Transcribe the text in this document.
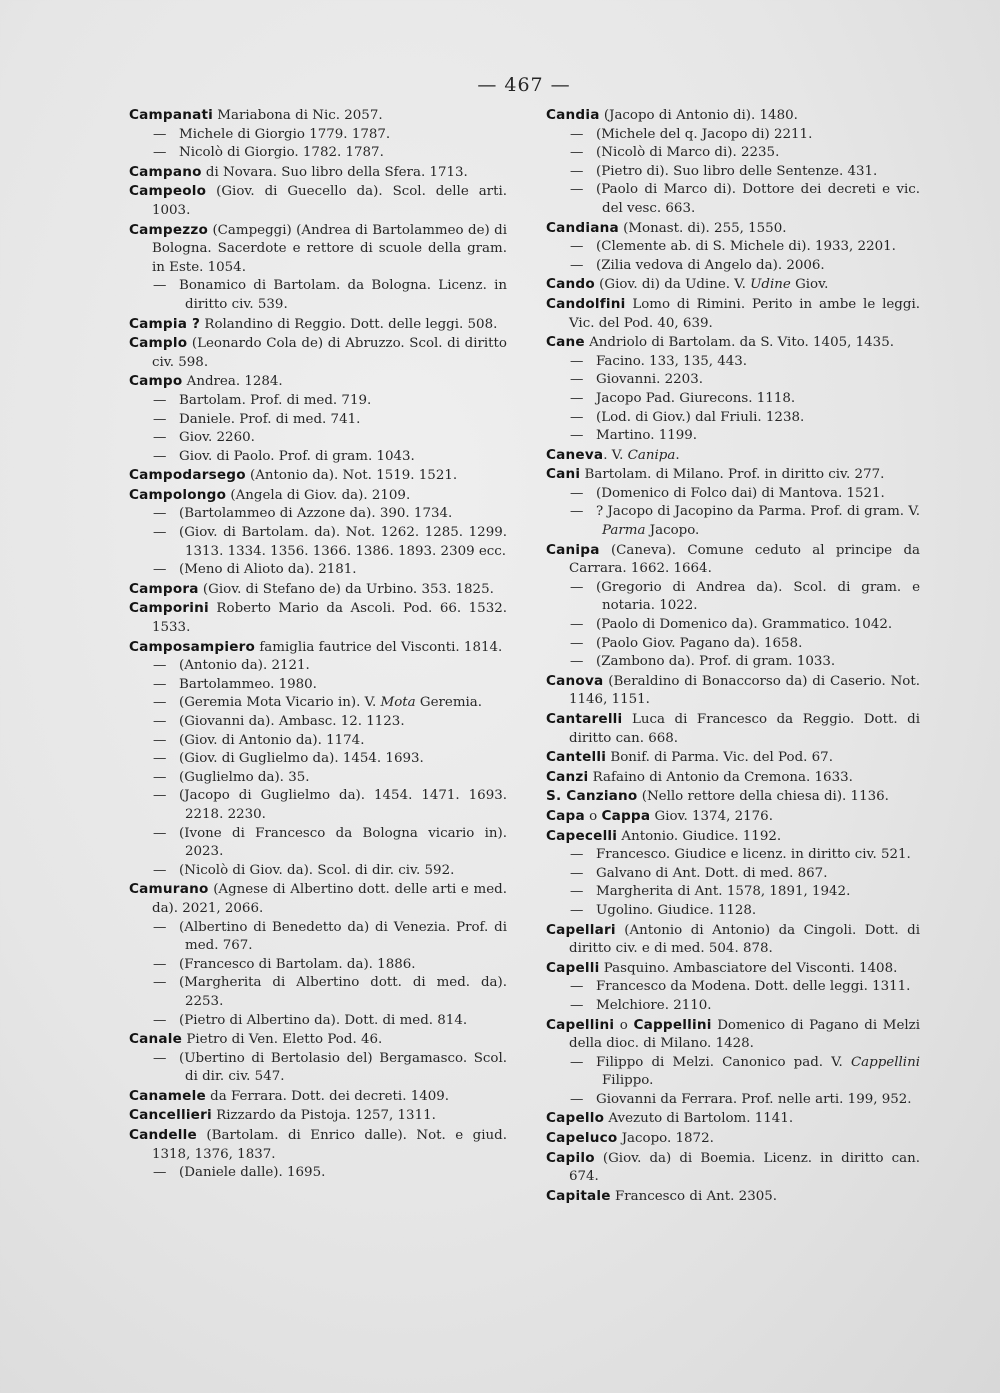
— 467 —

Campanati Mariabona di Nic. 2057.

— Michele di Giorgio 1779. 1787.

— Nicolò di Giorgio. 1782. 1787.

Campano di Novara. Suo libro della Sfera. 1713.

Campeolo (Giov. di Guecello da). Scol. delle arti. 1003.

Campezzo (Campeggi) (Andrea di Bartolammeo de) di Bologna. Sacerdote e rettore di scuole della gram. in Este. 1054.

— Bonamico di Bartolam. da Bologna. Licenz. in diritto civ. 539.

Campia ? Rolandino di Reggio. Dott. delle leggi. 508.

Camplo (Leonardo Cola de) di Abruzzo. Scol. di diritto civ. 598.

Campo Andrea. 1284.

— Bartolam. Prof. di med. 719.

— Daniele. Prof. di med. 741.

— Giov. 2260.

— Giov. di Paolo. Prof. di gram. 1043.

Campodarsego (Antonio da). Not. 1519. 1521.

Campolongo (Angela di Giov. da). 2109.

— (Bartolammeo di Azzone da). 390. 1734.

— (Giov. di Bartolam. da). Not. 1262. 1285. 1299. 1313. 1334. 1356. 1366. 1386. 1893. 2309 ecc.

— (Meno di Alioto da). 2181.

Campora (Giov. di Stefano de) da Urbino. 353. 1825.

Camporini Roberto Mario da Ascoli. Pod. 66. 1532. 1533.

Camposampiero famiglia fautrice del Visconti. 1814.

— (Antonio da). 2121.

— Bartolammeo. 1980.

— (Geremia Mota Vicario in). V. Mota Geremia.

— (Giovanni da). Ambasc. 12. 1123.

— (Giov. di Antonio da). 1174.

— (Giov. di Guglielmo da). 1454. 1693.

— (Guglielmo da). 35.

— (Jacopo di Guglielmo da). 1454. 1471. 1693. 2218. 2230.

— (Ivone di Francesco da Bologna vicario in). 2023.

— (Nicolò di Giov. da). Scol. di dir. civ. 592.

Camurano (Agnese di Albertino dott. delle arti e med. da). 2021, 2066.

— (Albertino di Benedetto da) di Venezia. Prof. di med. 767.

— (Francesco di Bartolam. da). 1886.

— (Margherita di Albertino dott. di med. da). 2253.

— (Pietro di Albertino da). Dott. di med. 814.

Canale Pietro di Ven. Eletto Pod. 46.

— (Ubertino di Bertolasio del) Bergamasco. Scol. di dir. civ. 547.

Canamele da Ferrara. Dott. dei decreti. 1409.

Cancellieri Rizzardo da Pistoja. 1257, 1311.

Candelle (Bartolam. di Enrico dalle). Not. e giud. 1318, 1376, 1837.

— (Daniele dalle). 1695.

Candia (Jacopo di Antonio di). 1480.

— (Michele del q. Jacopo di) 2211.

— (Nicolò di Marco di). 2235.

— (Pietro di). Suo libro delle Sentenze. 431.

— (Paolo di Marco di). Dottore dei decreti e vic. del vesc. 663.

Candiana (Monast. di). 255, 1550.

— (Clemente ab. di S. Michele di). 1933, 2201.

— (Zilia vedova di Angelo da). 2006.

Cando (Giov. di) da Udine. V. Udine Giov.

Candolfini Lomo di Rimini. Perito in ambe le leggi. Vic. del Pod. 40, 639.

Cane Andriolo di Bartolam. da S. Vito. 1405, 1435.

— Facino. 133, 135, 443.

— Giovanni. 2203.

— Jacopo Pad. Giurecons. 1118.

— (Lod. di Giov.) dal Friuli. 1238.

— Martino. 1199.

Caneva. V. Canipa.

Cani Bartolam. di Milano. Prof. in diritto civ. 277.

— (Domenico di Folco dai) di Mantova. 1521.

— ? Jacopo di Jacopino da Parma. Prof. di gram. V. Parma Jacopo.

Canipa (Caneva). Comune ceduto al principe da Carrara. 1662. 1664.

— (Gregorio di Andrea da). Scol. di gram. e notaria. 1022.

— (Paolo di Domenico da). Grammatico. 1042.

— (Paolo Giov. Pagano da). 1658.

— (Zambono da). Prof. di gram. 1033.

Canova (Beraldino di Bonaccorso da) di Caserio. Not. 1146, 1151.

Cantarelli Luca di Francesco da Reggio. Dott. di diritto can. 668.

Cantelli Bonif. di Parma. Vic. del Pod. 67.

Canzi Rafaino di Antonio da Cremona. 1633.

S. Canziano (Nello rettore della chiesa di). 1136.

Capa o Cappa Giov. 1374, 2176.

Capecelli Antonio. Giudice. 1192.

— Francesco. Giudice e licenz. in diritto civ. 521.

— Galvano di Ant. Dott. di med. 867.

— Margherita di Ant. 1578, 1891, 1942.

— Ugolino. Giudice. 1128.

Capellari (Antonio di Antonio) da Cingoli. Dott. di diritto civ. e di med. 504. 878.

Capelli Pasquino. Ambasciatore del Visconti. 1408.

— Francesco da Modena. Dott. delle leggi. 1311.

— Melchiore. 2110.

Capellini o Cappellini Domenico di Pagano di Melzi della dioc. di Milano. 1428.

— Filippo di Melzi. Canonico pad. V. Cappellini Filippo.

— Giovanni da Ferrara. Prof. nelle arti. 199, 952.

Capello Avezuto di Bartolom. 1141.

Capeluco Jacopo. 1872.

Capilo (Giov. da) di Boemia. Licenz. in diritto can. 674.

Capitale Francesco di Ant. 2305.
